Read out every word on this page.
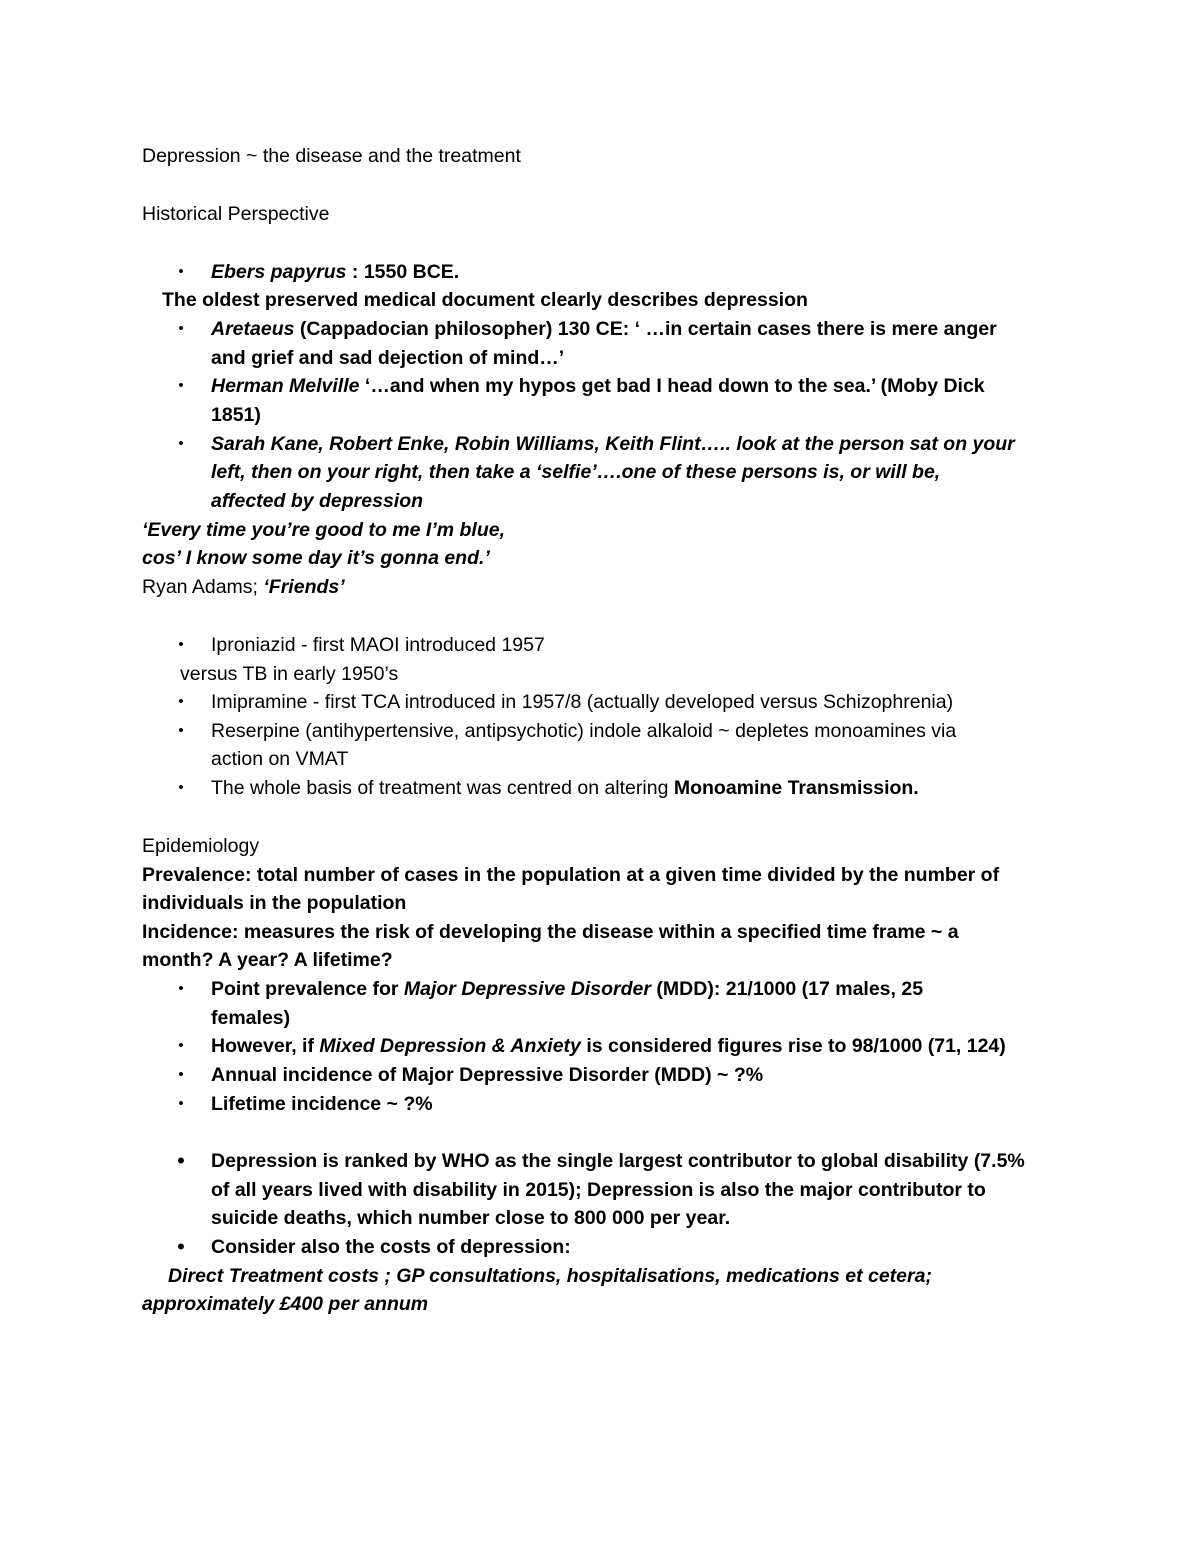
Depression ~ the disease and the treatment
Historical Perspective
• Ebers papyrus : 1550 BCE.
The oldest preserved medical document clearly describes depression
• Aretaeus (Cappadocian philosopher) 130 CE: ‘ …in certain cases there is mere anger
and grief and sad dejection of mind…’
• Herman Melville ‘…and when my hypos get bad I head down to the sea.’ (Moby Dick
1851)
• Sarah Kane, Robert Enke, Robin Williams, Keith Flint….. look at the person sat on your
left, then on your right, then take a ‘selfie’….one of these persons is, or will be,
affected by depression
‘Every time you’re good to me I’m blue,
cos’ I know some day it’s gonna end.’
Ryan Adams; ‘Friends’
• Iproniazid - first MAOI introduced 1957
versus TB in early 1950’s
• Imipramine - first TCA introduced in 1957/8 (actually developed versus Schizophrenia)
• Reserpine (antihypertensive, antipsychotic) indole alkaloid ~ depletes monoamines via
action on VMAT
• The whole basis of treatment was centred on altering Monoamine Transmission.
Epidemiology
Prevalence: total number of cases in the population at a given time divided by the number of
individuals in the population
Incidence: measures the risk of developing the disease within a specified time frame ~ a
month? A year? A lifetime?
• Point prevalence for Major Depressive Disorder (MDD): 21/1000 (17 males, 25
females)
• However, if Mixed Depression & Anxiety is considered figures rise to 98/1000 (71, 124)
• Annual incidence of Major Depressive Disorder (MDD) ~ ?%
• Lifetime incidence ~ ?%
• Depression is ranked by WHO as the single largest contributor to global disability (7.5%
of all years lived with disability in 2015); Depression is also the major contributor to
suicide deaths, which number close to 800 000 per year.
• Consider also the costs of depression:
Direct Treatment costs ; GP consultations, hospitalisations, medications et cetera;
approximately £400 per annum
